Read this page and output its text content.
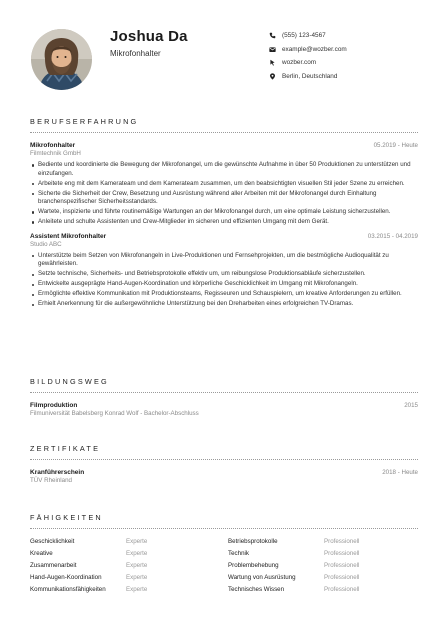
Joshua Da
Mikrofonhalter
(555) 123-4567
example@wozber.com
wozber.com
Berlin, Deutschland
BERUFSERFAHRUNG
Mikrofonhalter	05.2019 - Heute
Filmtechnik GmbH
Bediente und koordinierte die Bewegung der Mikrofonangel, um die gewünschte Aufnahme in über 50 Produktionen zu unterstützen und einzufangen.
Arbeitete eng mit dem Kamerateam und dem Kamerateam zusammen, um den beabsichtigten visuellen Stil jeder Szene zu erreichen.
Sicherte die Sicherheit der Crew, Besetzung und Ausrüstung während aller Arbeiten mit der Mikrofonangel durch Einhaltung branchenspezifischer Sicherheitsstandards.
Wartete, inspizierte und führte routinemäßige Wartungen an der Mikrofonangel durch, um eine optimale Leistung sicherzustellen.
Anleitete und schulte Assistenten und Crew-Mitglieder im sicheren und effizienten Umgang mit dem Gerät.
Assistent Mikrofonhalter	03.2015 - 04.2019
Studio ABC
Unterstützte beim Setzen von Mikrofonangeln in Live-Produktionen und Fernsehprojekten, um die bestmögliche Audioqualität zu gewährleisten.
Setzte technische, Sicherheits- und Betriebsprotokolle effektiv um, um reibungslose Produktionsabläufe sicherzustellen.
Entwickelte ausgeprägte Hand-Augen-Koordination und körperliche Geschicklichkeit im Umgang mit Mikrofonangeln.
Ermöglichte effektive Kommunikation mit Produktionsteams, Regisseuren und Schauspielern, um kreative Anforderungen zu erfüllen.
Erhielt Anerkennung für die außergewöhnliche Unterstützung bei den Dreharbeiten eines erfolgreichen TV-Dramas.
BILDUNGSWEG
Filmproduktion	2015
Filmuniversität Babelsberg Konrad Wolf - Bachelor-Abschluss
ZERTIFIKATE
Kranführerschein	2018 - Heute
TÜV Rheinland
FÄHIGKEITEN
Geschicklichkeit	Experte	Betriebsprotokolle	Professionell
Kreative	Experte	Technik	Professionell
Zusammenarbeit	Experte	Problembehebung	Professionell
Hand-Augen-Koordination	Experte	Wartung von Ausrüstung	Professionell
Kommunikationsfähigkeiten	Experte	Technisches Wissen	Professionell
